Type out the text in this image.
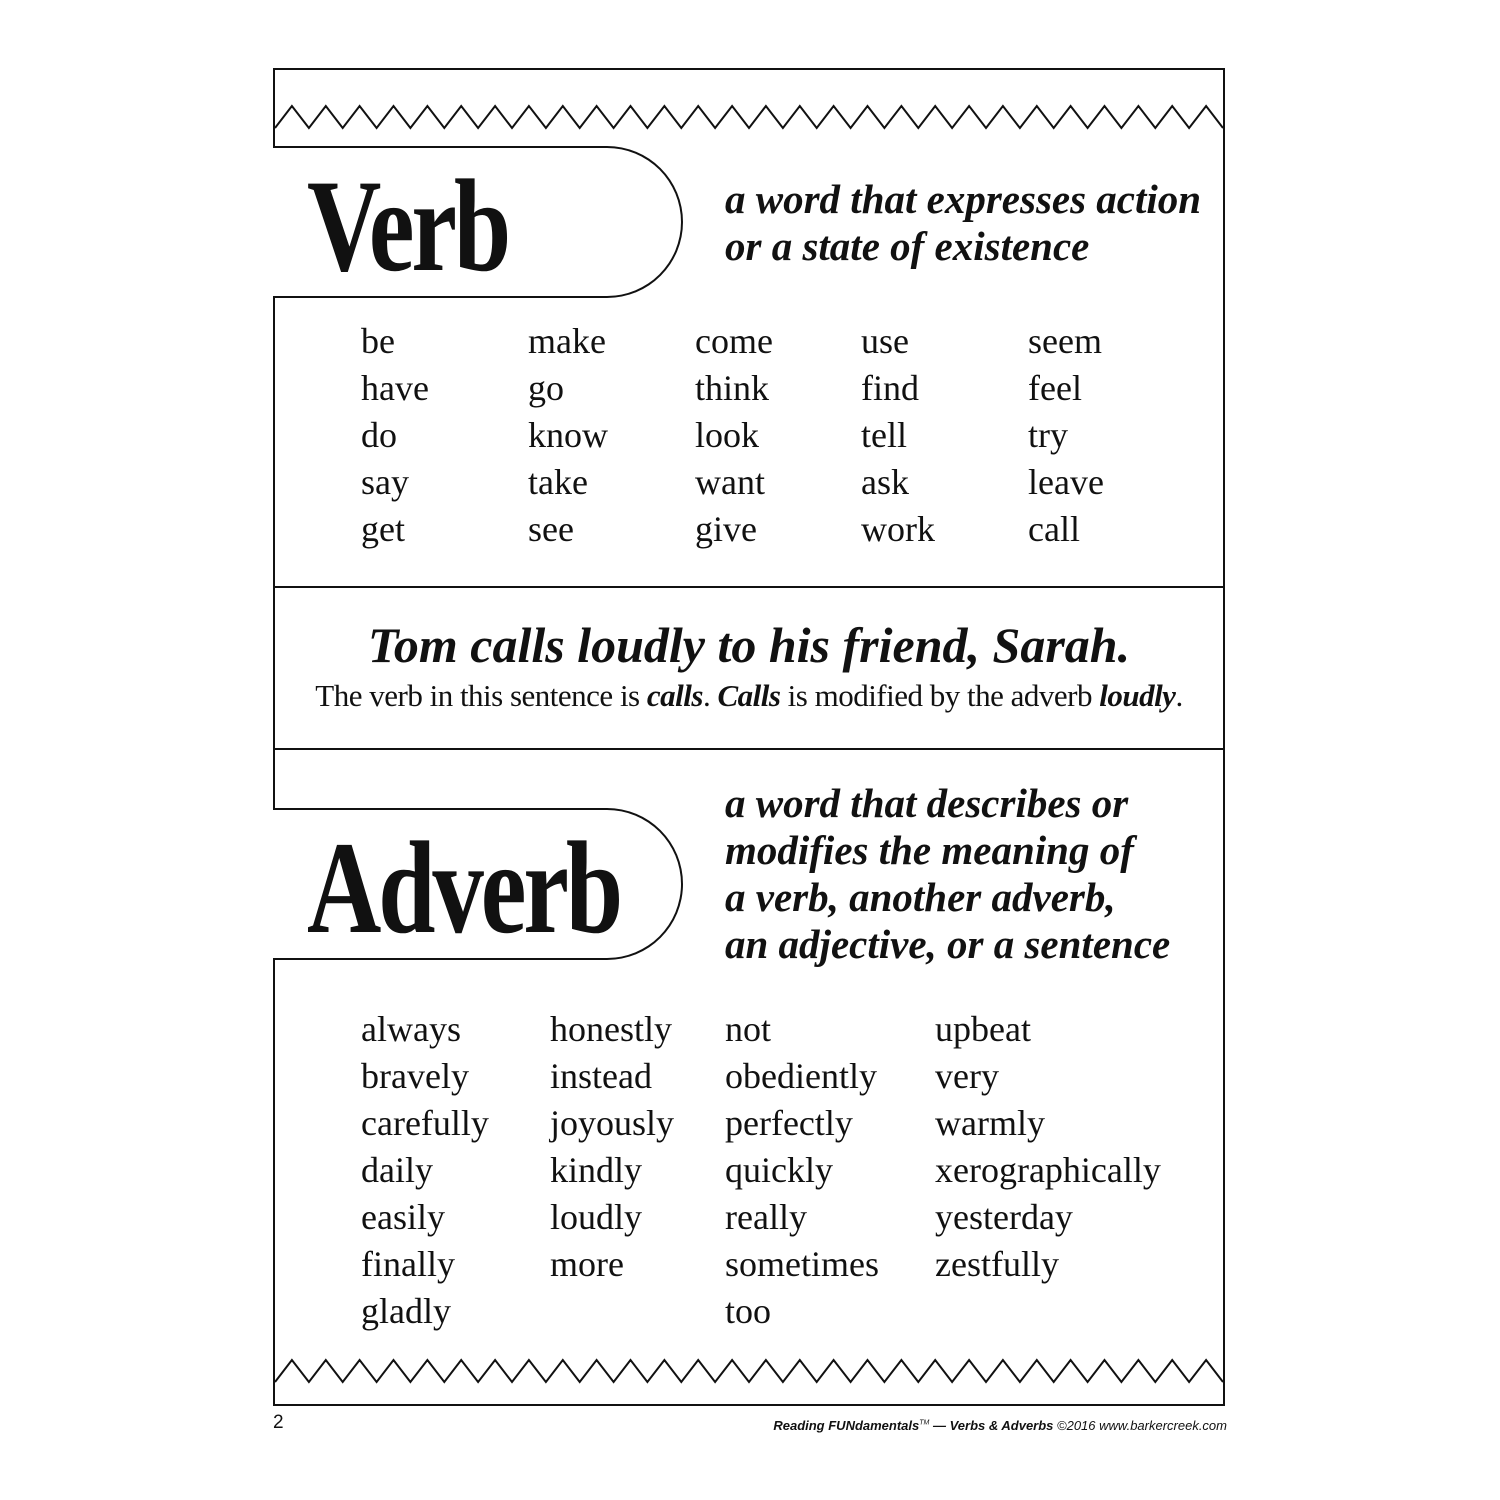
Verb	a word that expresses action
or a state of existence

be
have
do
say
get
make
go
know
take
see
come
think
look
want
give
use
find
tell
ask
work
seem
feel
try
leave
call

Tom calls loudly to his friend, Sarah.

The verb in this sentence is calls. Calls is modified by the adverb loudly.

Adverb

a word that describes or
modifies the meaning of
a verb, another adverb,
an adjective, or a sentence

always
bravely
carefully
daily
easily
finally
gladly
honestly
instead
joyously
kindly
loudly
more
not
obediently
perfectly
quickly
really
sometimes
too
upbeat
very
warmly
xerographically
yesterday
zestfully
2	Reading FUNdamentals™ — Verbs & Adverbs ©2016 www.barkercreek.com
